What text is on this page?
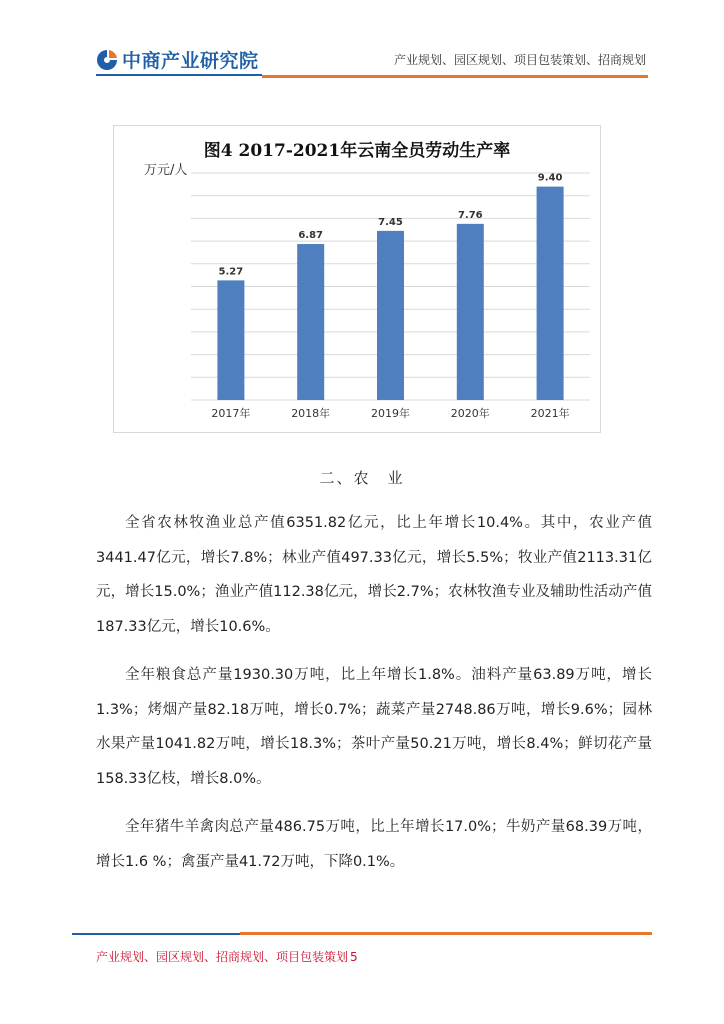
中商产业研究院	产业规划、园区规划、项目包装策划、招商规划
5.27
2017年
6.87
2018年
7.45
2019年
7.76
2020年
9.40
2021年
图4 2017-2021年云南全员劳动生产率
万元/人
二、农　业

全省农林牧渔业总产值6351.82亿元，比上年增长10.4%。其中，农业产值3441.47亿元，增长7.8%；林业产值497.33亿元，增长5.5%；牧业产值2113.31亿元，增长15.0%；渔业产值112.38亿元，增长2.7%；农林牧渔专业及辅助性活动产值187.33亿元，增长10.6%。

全年粮食总产量1930.30万吨，比上年增长1.8%。油料产量63.89万吨，增长1.3%；烤烟产量82.18万吨，增长0.7%；蔬菜产量2748.86万吨，增长9.6%；园林水果产量1041.82万吨，增长18.3%；茶叶产量50.21万吨，增长8.4%；鲜切花产量158.33亿枝，增长8.0%。

全年猪牛羊禽肉总产量486.75万吨，比上年增长17.0%；牛奶产量68.39万吨，增长1.6 %；禽蛋产量41.72万吨，下降0.1%。

产业规划、园区规划、招商规划、项目包装策划 5
